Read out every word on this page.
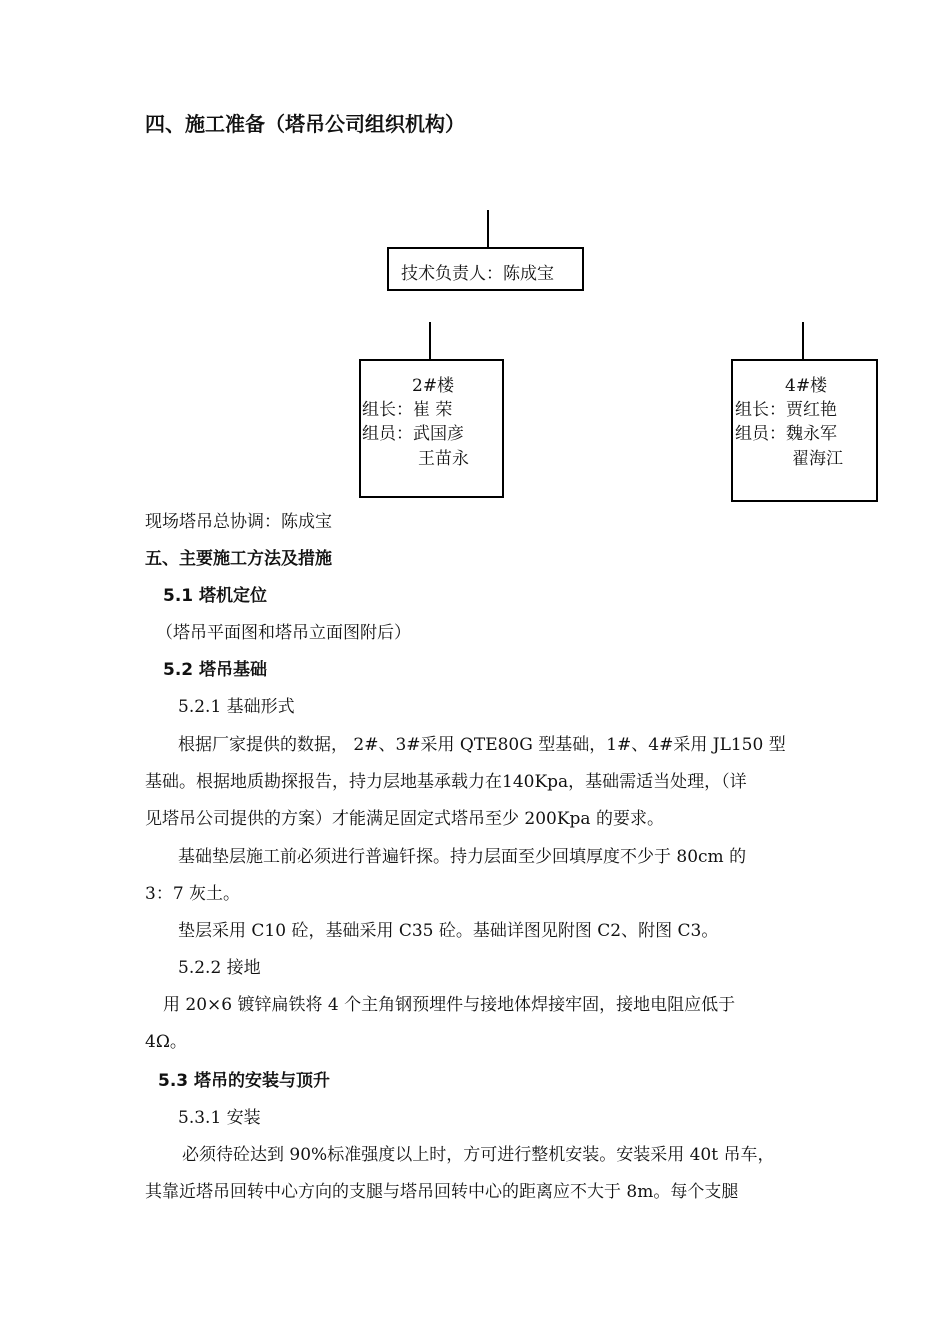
四、施工准备（塔吊公司组织机构）
技术负责人：陈成宝
2#楼
组长：崔 荣
组员：武国彦
王苗永
4#楼
组长：贾红艳
组员：魏永军
翟海江
现场塔吊总协调：陈成宝
五、主要施工方法及措施
5.1 塔机定位
（塔吊平面图和塔吊立面图附后）
5.2 塔吊基础
5.2.1 基础形式
根据厂家提供的数据， 2#、3#采用 QTE80G 型基础，1#、4#采用 JL150 型
基础。根据地质勘探报告，持力层地基承载力在140Kpa，基础需适当处理，（详
见塔吊公司提供的方案）才能满足固定式塔吊至少 200Kpa 的要求。
基础垫层施工前必须进行普遍钎探。持力层面至少回填厚度不少于 80cm 的
3：7 灰土。
垫层采用 C10 砼，基础采用 C35 砼。基础详图见附图 C2、附图 C3。
5.2.2 接地
用 20×6 镀锌扁铁将 4 个主角钢预埋件与接地体焊接牢固，接地电阻应低于
4Ω。
5.3 塔吊的安装与顶升
5.3.1 安装
必须待砼达到 90%标准强度以上时，方可进行整机安装。安装采用 40t 吊车，
其靠近塔吊回转中心方向的支腿与塔吊回转中心的距离应不大于 8m。每个支腿
